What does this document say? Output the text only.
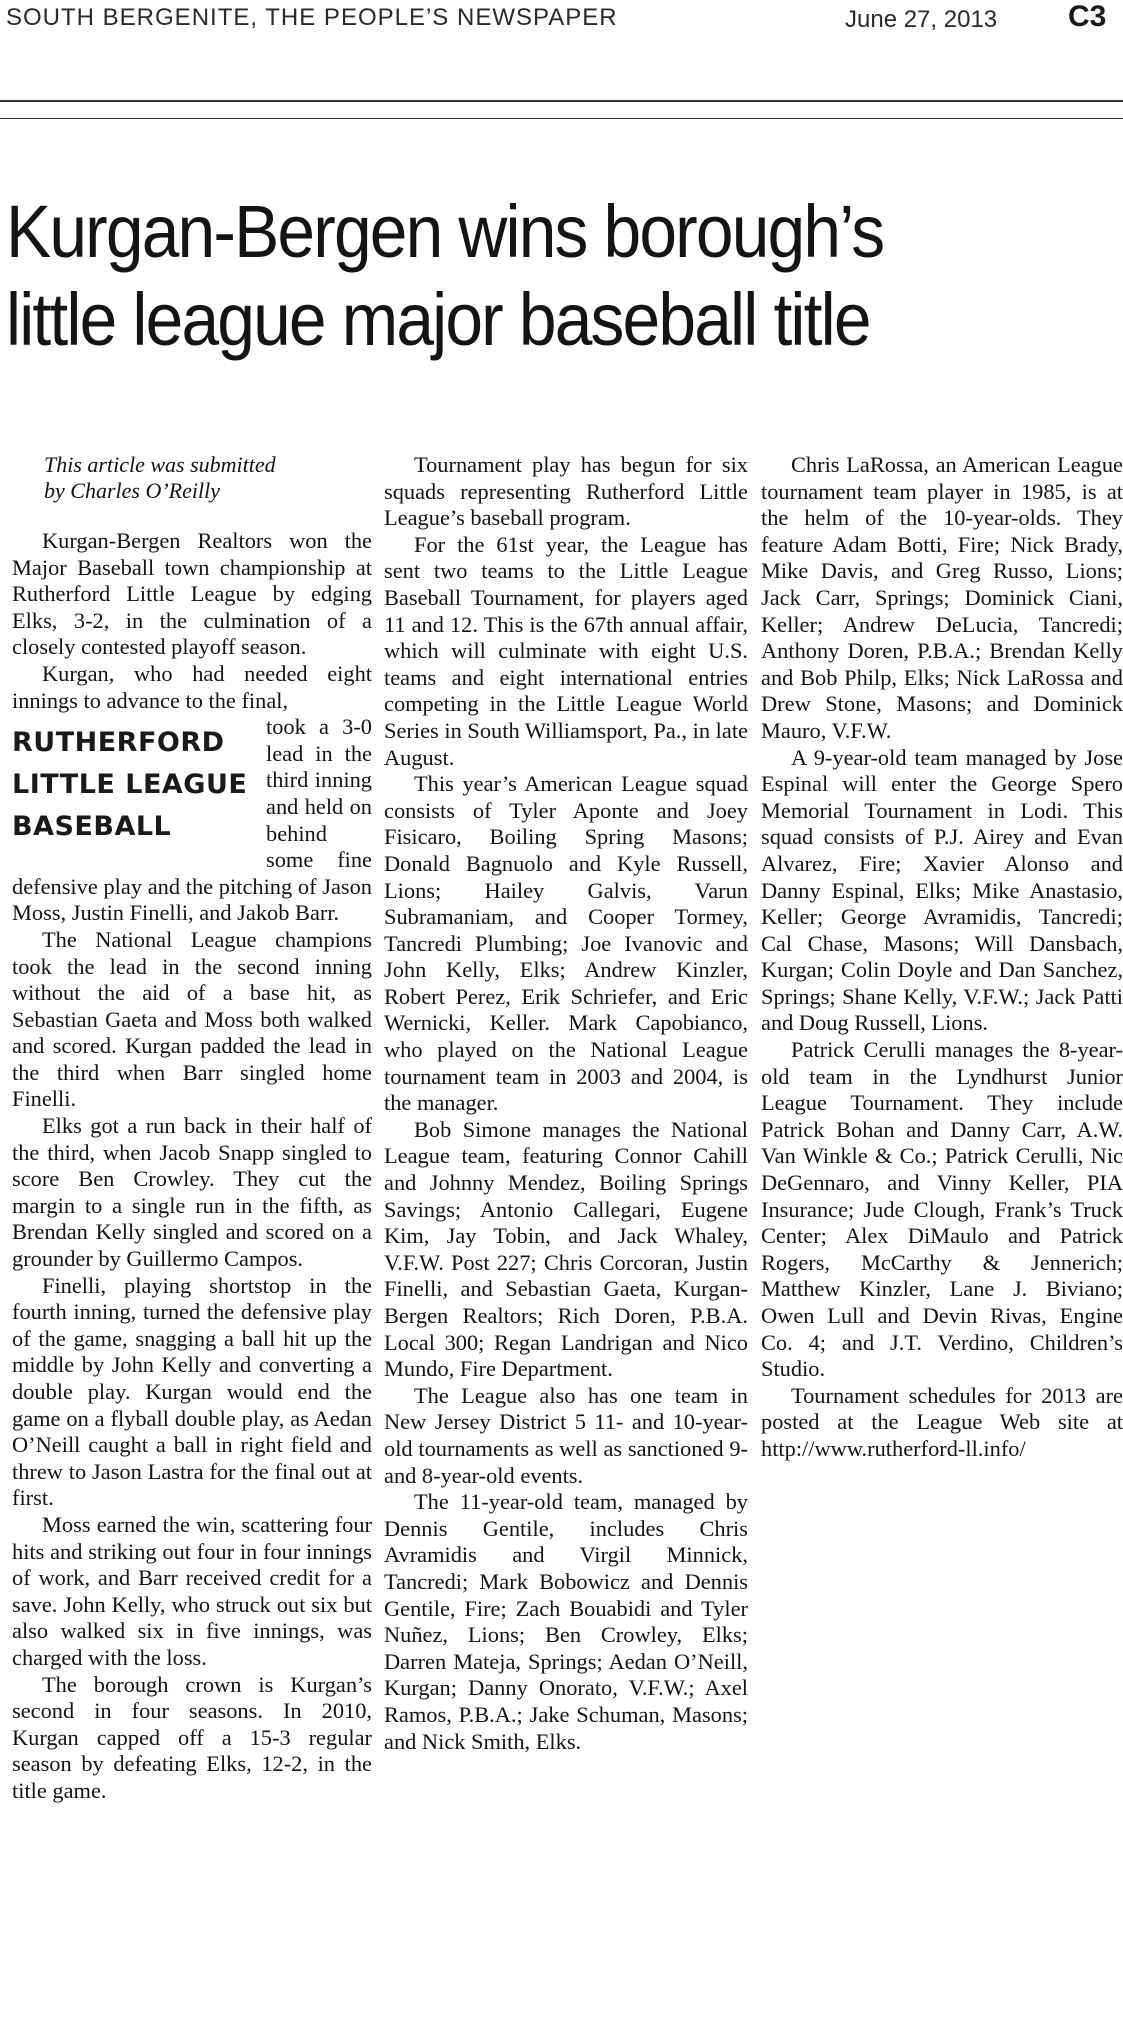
SOUTH BERGENITE, THE PEOPLE’S NEWSPAPER	June 27, 2013 C3
Kurgan-Bergen wins borough’s
little league major baseball title
This article was submitted
by Charles O’Reilly

Kurgan-Bergen Realtors won the Major Baseball town championship at Rutherford Little League by edging Elks, 3-2, in the culmination of a closely contested playoff season.

Kurgan, who had needed eight innings to advance to the final,

RUTHERFORD
LITTLE LEAGUE
BASEBALL

took a 3-0 lead in the third inning and held on behind some fine defensive play and the pitching of Jason Moss, Justin Finelli, and Jakob Barr.

The National League champions took the lead in the second inning without the aid of a base hit, as Sebastian Gaeta and Moss both walked and scored. Kurgan padded the lead in the third when Barr singled home Finelli.

Elks got a run back in their half of the third, when Jacob Snapp singled to score Ben Crowley. They cut the margin to a single run in the fifth, as Brendan Kelly singled and scored on a grounder by Guillermo Campos.

Finelli, playing shortstop in the fourth inning, turned the defensive play of the game, snagging a ball hit up the middle by John Kelly and converting a double play. Kurgan would end the game on a flyball double play, as Aedan O’Neill caught a ball in right field and threw to Jason Lastra for the final out at first.

Moss earned the win, scattering four hits and striking out four in four innings of work, and Barr received credit for a save. John Kelly, who struck out six but also walked six in five innings, was charged with the loss.

The borough crown is Kurgan’s second in four seasons. In 2010, Kurgan capped off a 15-3 regular season by defeating Elks, 12-2, in the title game.

Tournament play has begun for six squads representing Rutherford Little League’s baseball program.

For the 61st year, the League has sent two teams to the Little League Baseball Tournament, for players aged 11 and 12. This is the 67th annual affair, which will culminate with eight U.S. teams and eight international entries competing in the Little League World Series in South Williamsport, Pa., in late August.

This year’s American League squad consists of Tyler Aponte and Joey Fisicaro, Boiling Spring Masons; Donald Bagnuolo and Kyle Russell, Lions; Hailey Galvis, Varun Subramaniam, and Cooper Tormey, Tancredi Plumbing; Joe Ivanovic and John Kelly, Elks; Andrew Kinzler, Robert Perez, Erik Schriefer, and Eric Wernicki, Keller. Mark Capobianco, who played on the National League tournament team in 2003 and 2004, is the manager.

Bob Simone manages the National League team, featuring Connor Cahill and Johnny Mendez, Boiling Springs Savings; Antonio Callegari, Eugene Kim, Jay Tobin, and Jack Whaley, V.F.W. Post 227; Chris Corcoran, Justin Finelli, and Sebastian Gaeta, Kurgan-Bergen Realtors; Rich Doren, P.B.A. Local 300; Regan Landrigan and Nico Mundo, Fire Department.

The League also has one team in New Jersey District 5 11- and 10-year-old tournaments as well as sanctioned 9- and 8-year-old events.

The 11-year-old team, managed by Dennis Gentile, includes Chris Avramidis and Virgil Minnick, Tancredi; Mark Bobowicz and Dennis Gentile, Fire; Zach Bouabidi and Tyler Nuñez, Lions; Ben Crowley, Elks; Darren Mateja, Springs; Aedan O’Neill, Kurgan; Danny Onorato, V.F.W.; Axel Ramos, P.B.A.; Jake Schuman, Masons; and Nick Smith, Elks.

Chris LaRossa, an American League tournament team player in 1985, is at the helm of the 10-year-olds. They feature Adam Botti, Fire; Nick Brady, Mike Davis, and Greg Russo, Lions; Jack Carr, Springs; Dominick Ciani, Keller; Andrew DeLucia, Tancredi; Anthony Doren, P.B.A.; Brendan Kelly and Bob Philp, Elks; Nick LaRossa and Drew Stone, Masons; and Dominick Mauro, V.F.W.

A 9-year-old team managed by Jose Espinal will enter the George Spero Memorial Tournament in Lodi. This squad consists of P.J. Airey and Evan Alvarez, Fire; Xavier Alonso and Danny Espinal, Elks; Mike Anastasio, Keller; George Avramidis, Tancredi; Cal Chase, Masons; Will Dansbach, Kurgan; Colin Doyle and Dan Sanchez, Springs; Shane Kelly, V.F.W.; Jack Patti and Doug Russell, Lions.

Patrick Cerulli manages the 8-year-old team in the Lyndhurst Junior League Tournament. They include Patrick Bohan and Danny Carr, A.W. Van Winkle & Co.; Patrick Cerulli, Nic DeGennaro, and Vinny Keller, PIA Insurance; Jude Clough, Frank’s Truck Center; Alex DiMaulo and Patrick Rogers, McCarthy & Jennerich; Matthew Kinzler, Lane J. Biviano; Owen Lull and Devin Rivas, Engine Co. 4; and J.T. Verdino, Children’s Studio.

Tournament schedules for 2013 are posted at the League Web site at http://www.rutherford-ll.info/
